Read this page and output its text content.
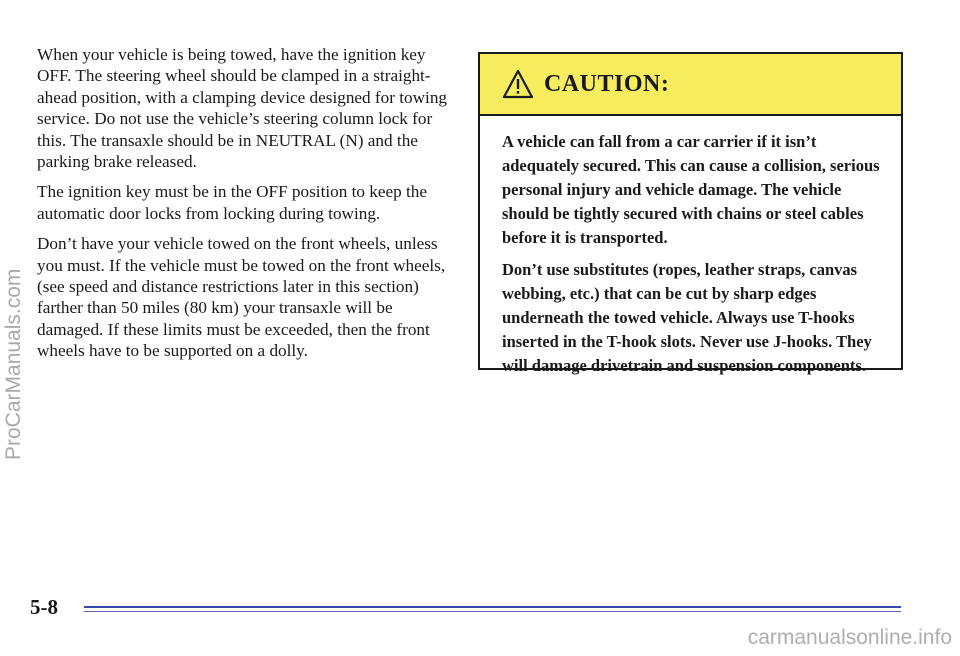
When your vehicle is being towed, have the ignition key OFF. The steering wheel should be clamped in a straight-ahead position, with a clamping device designed for towing service. Do not use the vehicle’s steering column lock for this. The transaxle should be in NEUTRAL (N) and the parking brake released.

The ignition key must be in the OFF position to keep the automatic door locks from locking during towing.

Don’t have your vehicle towed on the front wheels, unless you must. If the vehicle must be towed on the front wheels, (see speed and distance restrictions later in this section) farther than 50 miles (80 km) your transaxle will be damaged. If these limits must be exceeded, then the front wheels have to be supported on a dolly.

CAUTION:

A vehicle can fall from a car carrier if it isn’t adequately secured. This can cause a collision, serious personal injury and vehicle damage. The vehicle should be tightly secured with chains or steel cables before it is transported.

Don’t use substitutes (ropes, leather straps, canvas webbing, etc.) that can be cut by sharp edges underneath the towed vehicle. Always use T-hooks inserted in the T-hook slots. Never use J-hooks. They will damage drivetrain and suspension components.

5-8
ProCarManuals.com
carmanualsonline.info
